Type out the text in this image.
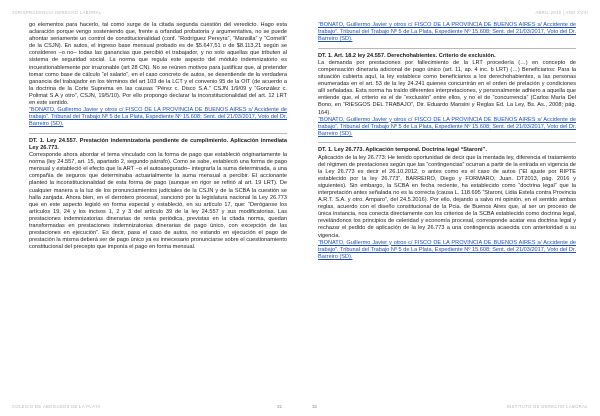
JURISPRUDENCIA DERECHO LABORAL	ABRIL 2018 | AÑO XVIII

go elementos para hacerlo, tal como surge de la citada segunda cuestión del veredicto. Hago esta aclaración porque vengo sosteniendo que, frente a orfandad probatoria y argumentativa, no se puede afrontar seriamente un control de constitucionalidad (conf. “Rodríguez Pereyra”, “Mansilla” y “Cornelli” de la CSJN). En autos, el ingreso base mensual probado es de $5.647,51 o de $8.113,21 según se consideren –o no– todas las ganancias que percibió el trabajador, y no solo aquellas que tributen al sistema de seguridad social. La norma que regula este aspecto del módulo indemnizatorio es incuestionablemente por irrazonable (art 28 CN). No se reúnen motivos para justificar que, al pretender tomar como base de cálculo “el salario”, en el caso concreto de autos, se desentiende de la verdadera ganancia del trabajador en los términos del art 103 de la LCT y el convenio 95 de la OIT (de acuerdo a la doctrina de la Corte Suprema en las causas “Pérez c. Disco S.A.” CSJN 1/9/09 y “González c. Polimat S.A y otro”, CSJN, 19/5/10). Por ello propongo declarar la inconstitucionalidad del art. 12 LRT en este sentido.

“BONATO, Guillermo Javier y otros c/ FISCO DE LA PROVINCIA DE BUENOS AIRES s/ Accidente de trabajo”. Tribunal del Trabajo Nº 5 de La Plata, Expediente Nº 15.608; Sent. del 21/03/2017, Voto del Dr. Barreiro (SD).

DT. 1. Ley 24.557. Prestación indemnizatoria pendiente de cumplimiento. Aplicación inmediata Ley 26.773.

Corresponde ahora abordar el tema vinculado con la forma de pago que estableció originariamente la norma (ley 24.557, art. 15, apartado 2, segundo párrafo). Como se sabe, estableció una forma de pago mensual y estableció el efecto que la ART –o el autoasegurado– integraría la suma determinada, a una compañía de seguros que determinaba actuarialmente la suma mensual a percibir. El accionante planteó la inconstitucionalidad de esta forma de pago (aunque en rigor se refirió al art. 19 LRT). De cualquier manera a la luz de los pronunciamientos judiciales de la CSJN y de la SCBA la cuestión se halla zanjada. Ahora bien, en el derrotero procesal, sancionó por la legislatura nacional la Ley 26.773 que en este aspecto legisló en forma especial y estableció, en su artículo 17, que: “Deróganse los artículos 19, 24 y los incisos 1, 2 y 3 del artículo 39 de la ley 24.557 y sus modificatorias. Las prestaciones indemnizatorias dinerarias de renta periódica, previstas en la citada norma, quedan transformadas en prestaciones indemnizatorias dinerarias de pago único, con excepción de las prestaciones en ejecución”. Es decir, pasa el caso de autos, no estando en ejecución el pago de prestación la misma deberá ser de pago único ya es innecesario pronunciarse sobre el cuestionamiento constitucional del precepto que imponía el pago en forma mensual.

“BONATO, Guillermo Javier y otros c/ FISCO DE LA PROVINCIA DE BUENOS AIRES s/ Accidente de trabajo”. Tribunal del Trabajo Nº 5 de La Plata, Expediente Nº 15.608; Sent. del 21/03/2017, Voto del Dr. Barreiro (SD).

DT. 1. Art. 18.2 ley 24.557. Derechohabientes. Criterio de exclusión.

La demanda por prestaciones por fallecimiento de la LRT procedería (…) en concepto de compensación dineraria adicional de pago único (art. 11, ap. 4 inc. b LRT) (…) Beneficiarios: Para la situación cubierta aquí, la ley establece como beneficiarios a los derechohabientes, a las personas enumeradas en el art. 53 de la ley 24.241 quienes concurrirán en el orden de prelación y condiciones allí señaladas. Esta norma ha traído diferentes interpretaciones, y personalmente adhiero a aquella que entiende que, el criterio es el de “exclusión” entre ellos, y no el de “concurrencia” (Carlos María Del Bono, en “RIESGOS DEL TRABAJO”, Dir. Eduardo Mansini y Reglas Ed. La Ley, Bs. As., 2008; pág. 164).

“BONATO, Guillermo Javier y otros c/ FISCO DE LA PROVINCIA DE BUENOS AIRES s/ Accidente de trabajo”. Tribunal del Trabajo Nº 5 de La Plata, Expediente Nº 15.608; Sent. del 21/03/2017, Voto del Dr. Barreiro (SD).

DT. 1. Ley 26.773. Aplicación temporal. Doctrina legal “Staroni”.

Aplicación de la ley 26.773: He tenido oportunidad de decir que la mentada ley, diferencia el tratamiento del régimen de prestaciones según que las “contingencias” ocurran a partir de la entrada en vigencia de la Ley 26.773 es decir el 26.10.2012, o antes como es el caso de autos (“El ajuste por RIPTE establecido por la ley 26.773”, BARREIRO, Diego y FORMARO, Juan. DT2013, pág. 2016 y siguientes). Sin embargo, la SCBA en fecha reciente, ha establecido como “doctrina legal” que la interpretación antes señalada no es la correcta (causa L. 118.695 “Staroni, Lidia Estela contra Provincia A.R.T. S.A. y otro. Amparo”, del 24.5.2016). Por ello, dejando a salvo mi opinión, en el sentido ambas reglas, acuerdo con el diseño constitucional de la Pcia. de Buenos Aires que, al ser un proceso de única instancia, nos conecta directamente con los criterios de la SCBA establecido como doctrina legal, revelándonos los principios de celeridad y economía procesal, corresponde acatar esa doctrina legal y rechazar el pedido de aplicación de la ley 26.773 a una contingencia acaecida con anterioridad a su vigencia.

“BONATO, Guillermo Javier y otros c/ FISCO DE LA PROVINCIA DE BUENOS AIRES s/ Accidente de trabajo”. Tribunal del Trabajo Nº 5 de La Plata, Expediente Nº 15.608; Sent. del 21/03/2017, Voto del Dr. Barreiro (SD).

COLEGIO DE ABOGADOS DE LA PLATA	31	32	INSTITUTO DE DERECHO LABORAL
